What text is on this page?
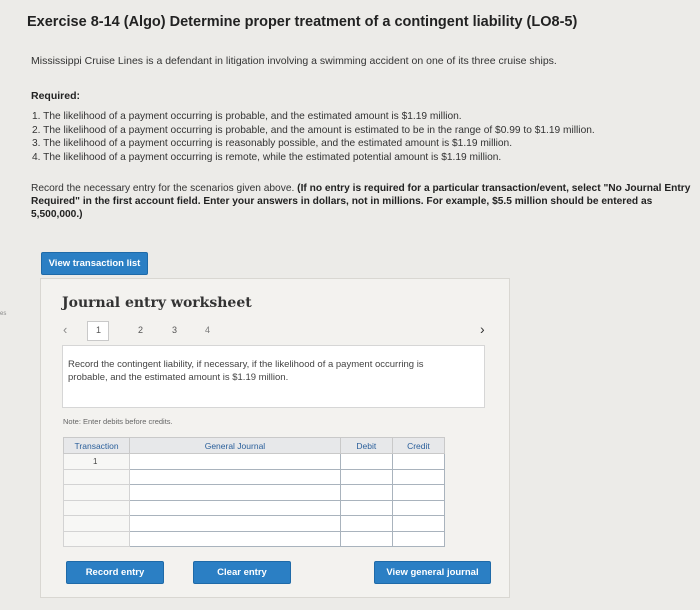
es
Exercise 8-14 (Algo) Determine proper treatment of a contingent liability (LO8-5)
Mississippi Cruise Lines is a defendant in litigation involving a swimming accident on one of its three cruise ships.
Required:
1. The likelihood of a payment occurring is probable, and the estimated amount is $1.19 million.
2. The likelihood of a payment occurring is probable, and the amount is estimated to be in the range of $0.99 to $1.19 million.
3. The likelihood of a payment occurring is reasonably possible, and the estimated amount is $1.19 million.
4. The likelihood of a payment occurring is remote, while the estimated potential amount is $1.19 million.
Record the necessary entry for the scenarios given above. (If no entry is required for a particular transaction/event, select "No Journal Entry Required" in the first account field. Enter your answers in dollars, not in millions. For example, $5.5 million should be entered as 5,500,000.)
View transaction list
Journal entry worksheet
‹	1	2	3	4	›
Record the contingent liability, if necessary, if the likelihood of a payment occurring is probable, and the estimated amount is $1.19 million.
Note: Enter debits before credits.
Transaction	General Journal	Debit	Credit
1			

Record entry	Clear entry	View general journal
